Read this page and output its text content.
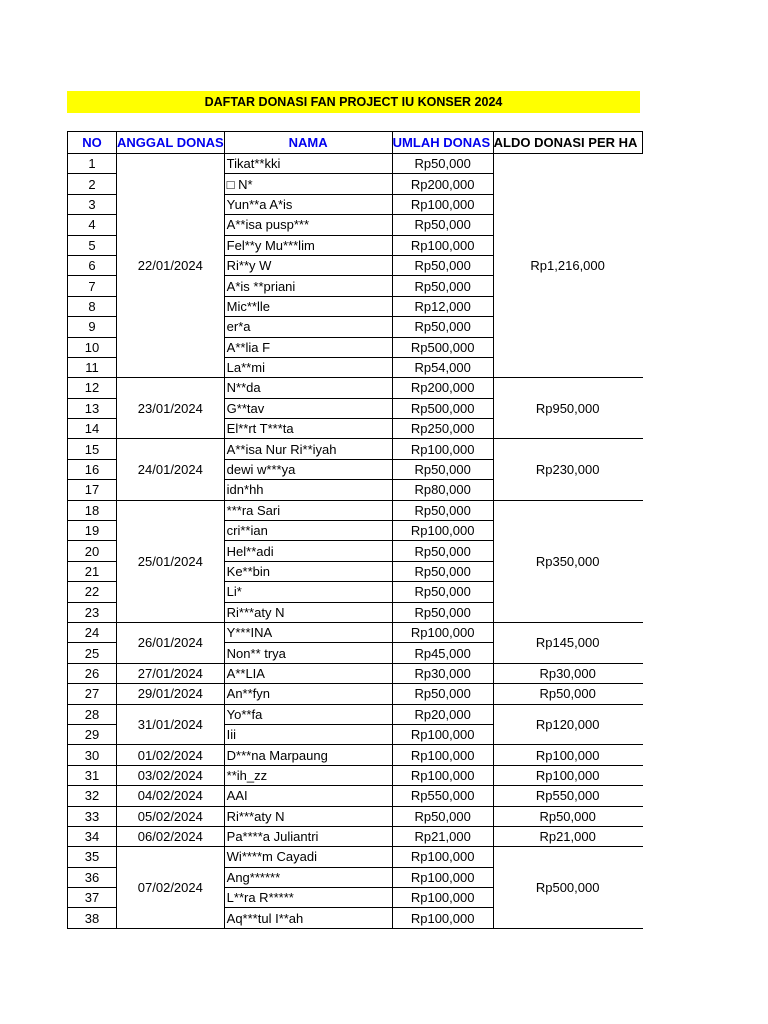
DAFTAR DONASI FAN PROJECT IU KONSER 2024
NO	ANGGAL DONAS	NAMA	UMLAH DONAS	ALDO DONASI PER HA
1	22/01/2024	Tikat**kki	Rp50,000	Rp1,216,000
2		□ N*	Rp200,000	
3		Yun**a A*is	Rp100,000	
4		A**isa pusp***	Rp50,000	
5		Fel**y Mu***lim	Rp100,000	
6		Ri**y W	Rp50,000	
7		A*is **priani	Rp50,000	
8		Mic**lle	Rp12,000	
9		er*a	Rp50,000	
10		A**lia F	Rp500,000	
11		La**mi	Rp54,000	
12	23/01/2024	N**da	Rp200,000	Rp950,000
13		G**tav	Rp500,000	
14		El**rt T***ta	Rp250,000	
15	24/01/2024	A**isa Nur Ri**iyah	Rp100,000	Rp230,000
16		dewi w***ya	Rp50,000	
17		idn*hh	Rp80,000	
18	25/01/2024	***ra Sari	Rp50,000	Rp350,000
19		cri**ian	Rp100,000	
20		Hel**adi	Rp50,000	
21		Ke**bin	Rp50,000	
22		Li*	Rp50,000	
23		Ri***aty N	Rp50,000	
24	26/01/2024	Y***INA	Rp100,000	Rp145,000
25		Non** trya	Rp45,000	
26	27/01/2024	A**LIA	Rp30,000	Rp30,000
27	29/01/2024	An**fyn	Rp50,000	Rp50,000
28	31/01/2024	Yo**fa	Rp20,000	Rp120,000
29		Iii	Rp100,000	
30	01/02/2024	D***na Marpaung	Rp100,000	Rp100,000
31	03/02/2024	**ih_zz	Rp100,000	Rp100,000
32	04/02/2024	AAI	Rp550,000	Rp550,000
33	05/02/2024	Ri***aty N	Rp50,000	Rp50,000
34	06/02/2024	Pa****a Juliantri	Rp21,000	Rp21,000
35	07/02/2024	Wi****m Cayadi	Rp100,000	Rp500,000
36		Ang******	Rp100,000	
37		L**ra R*****	Rp100,000	
38		Aq***tul I**ah	Rp100,000	
